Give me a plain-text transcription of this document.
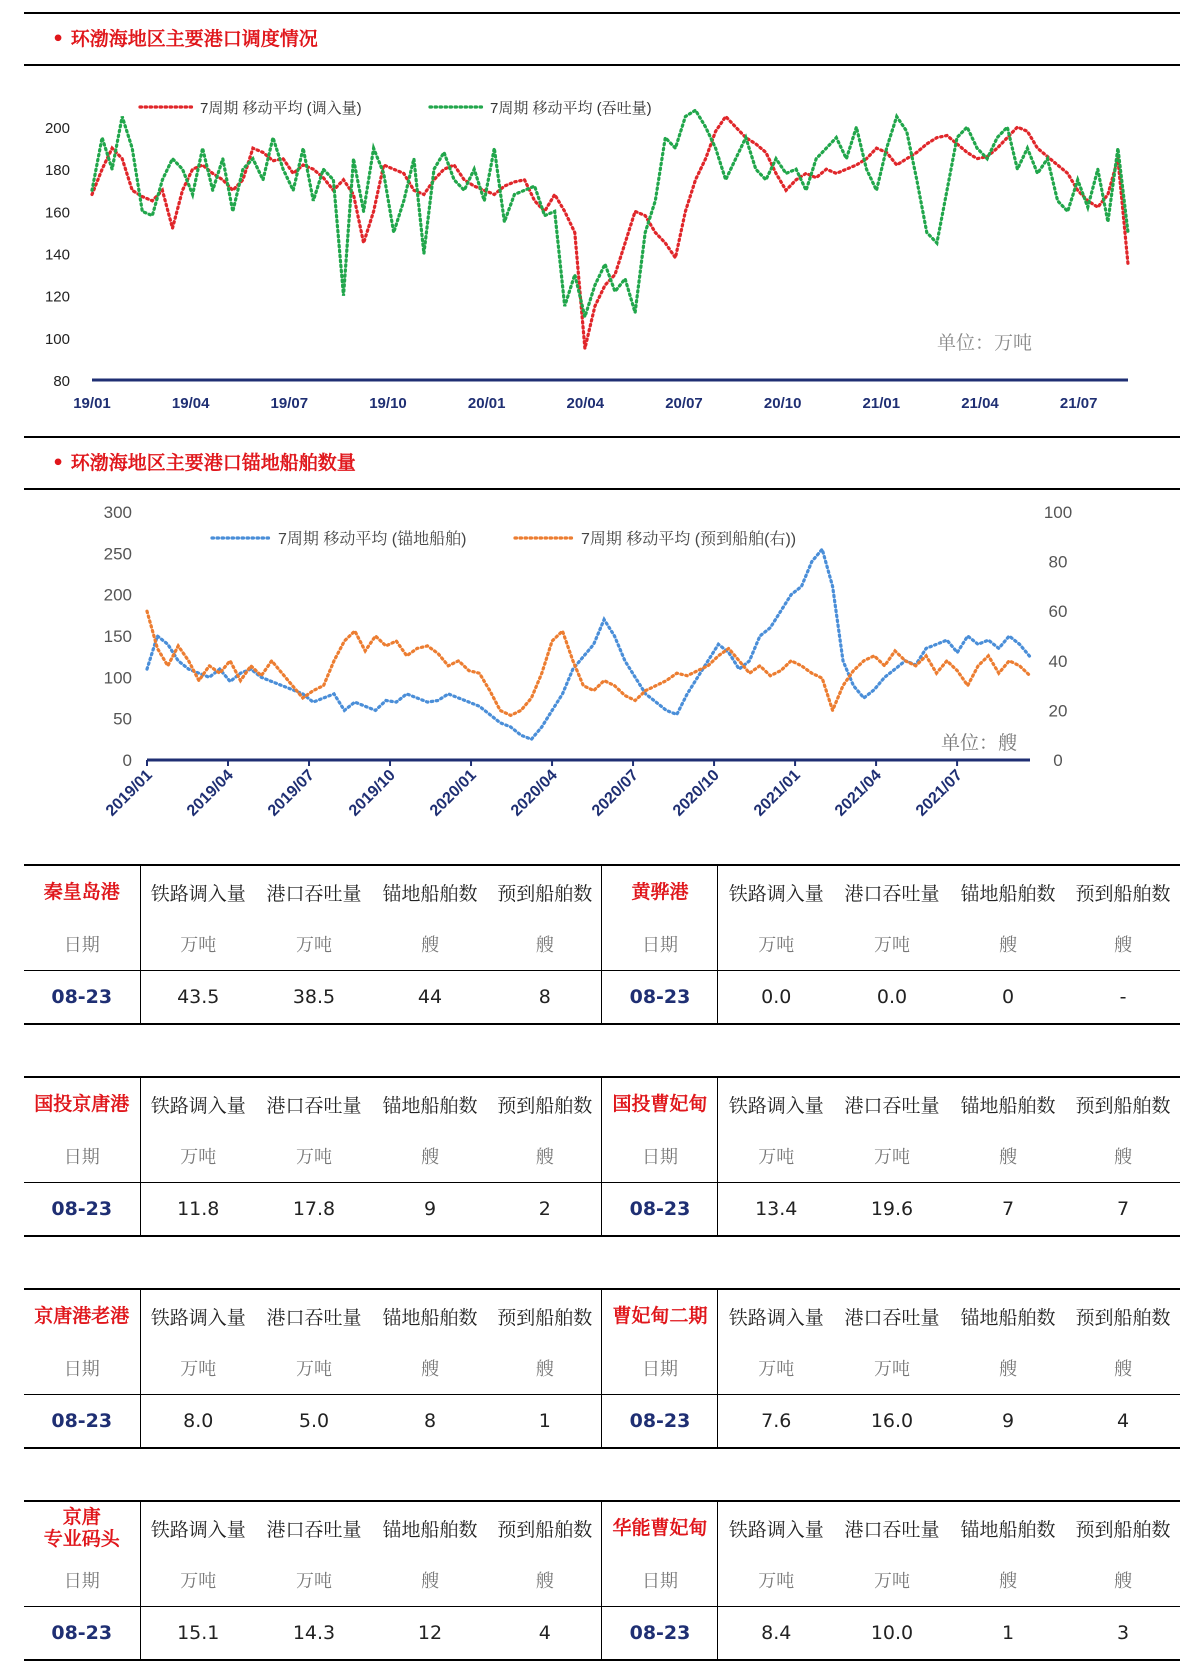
• 环渤海地区主要港口调度情况
80
100
120
140
160
180
200
19/01	19/04	19/07	19/10	20/01	20/04	20/07	20/10	21/01	21/04	21/07
7周期 移动平均 (调入量)	7周期 移动平均 (吞吐量)
单位：万吨
• 环渤海地区主要港口锚地船舶数量
0
50
100
150
200
250
300
0
20
40
60
80
100
2019/01 2019/04 2019/07 2019/10 2020/01 2020/04 2020/07 2020/10 2021/01 2021/04 2021/07
7周期 移动平均 (锚地船舶)	7周期 移动平均 (预到船舶(右))
单位：艘
秦皇岛港	铁路调入量	港口吞吐量	锚地船舶数	预到船舶数	黄骅港	铁路调入量	港口吞吐量	锚地船舶数	预到船舶数
日期	万吨	万吨	艘	艘	日期	万吨	万吨	艘	艘
08-23	43.5	38.5	44	8	08-23	0.0	0.0	0	-
国投京唐港	铁路调入量	港口吞吐量	锚地船舶数	预到船舶数	国投曹妃甸	铁路调入量	港口吞吐量	锚地船舶数	预到船舶数
日期	万吨	万吨	艘	艘	日期	万吨	万吨	艘	艘
08-23	11.8	17.8	9	2	08-23	13.4	19.6	7	7
京唐港老港	铁路调入量	港口吞吐量	锚地船舶数	预到船舶数	曹妃甸二期	铁路调入量	港口吞吐量	锚地船舶数	预到船舶数
日期	万吨	万吨	艘	艘	日期	万吨	万吨	艘	艘
08-23	8.0	5.0	8	1	08-23	7.6	16.0	9	4
京唐
专业码头	铁路调入量	港口吞吐量	锚地船舶数	预到船舶数	华能曹妃甸	铁路调入量	港口吞吐量	锚地船舶数	预到船舶数
日期	万吨	万吨	艘	艘	日期	万吨	万吨	艘	艘
08-23	15.1	14.3	12	4	08-23	8.4	10.0	1	3
